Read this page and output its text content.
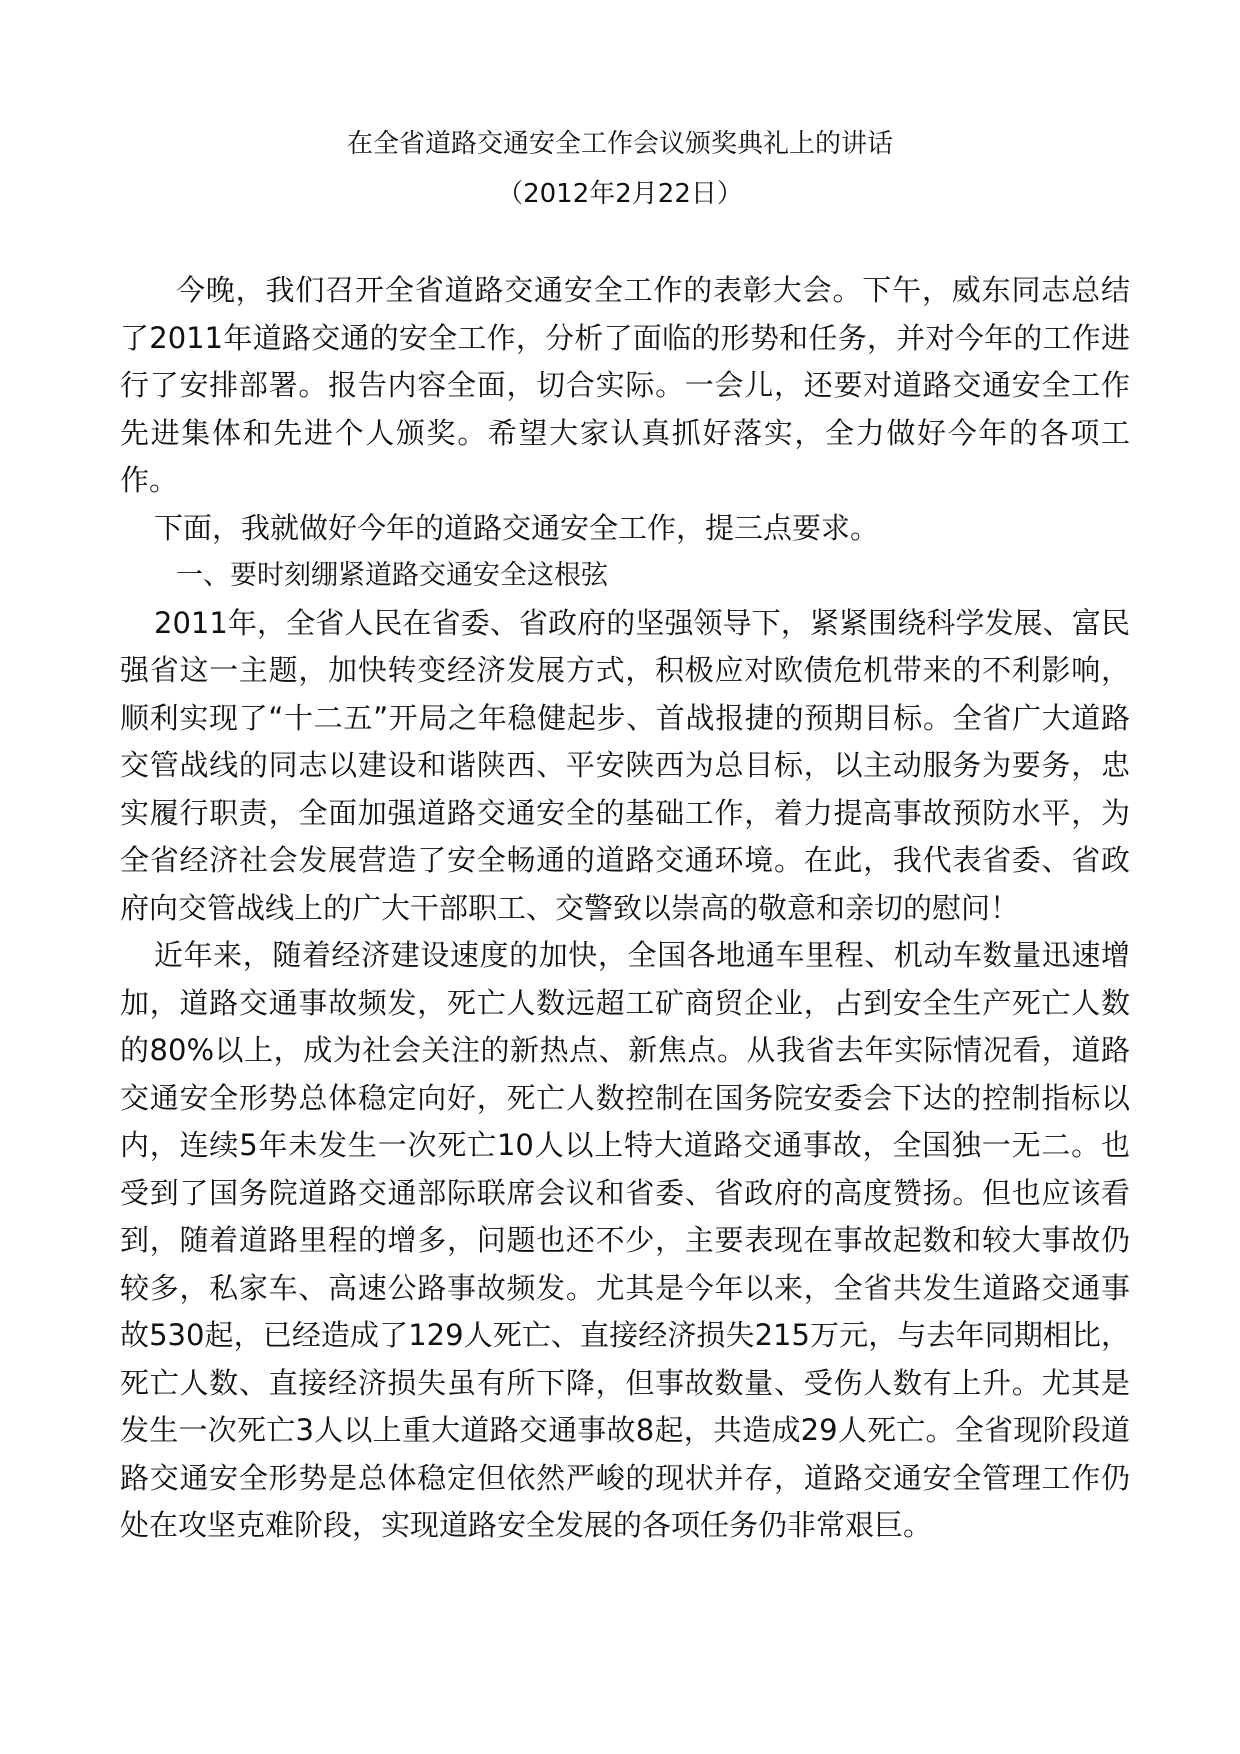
在全省道路交通安全工作会议颁奖典礼上的讲话
（2012年2月22日）

今晚，我们召开全省道路交通安全工作的表彰大会。下午，威东同志总结了2011年道路交通的安全工作，分析了面临的形势和任务，并对今年的工作进行了安排部署。报告内容全面，切合实际。一会儿，还要对道路交通安全工作先进集体和先进个人颁奖。希望大家认真抓好落实，全力做好今年的各项工作。

下面，我就做好今年的道路交通安全工作，提三点要求。

一、要时刻绷紧道路交通安全这根弦

2011年，全省人民在省委、省政府的坚强领导下，紧紧围绕科学发展、富民强省这一主题，加快转变经济发展方式，积极应对欧债危机带来的不利影响，顺利实现了“十二五”开局之年稳健起步、首战报捷的预期目标。全省广大道路交管战线的同志以建设和谐陕西、平安陕西为总目标，以主动服务为要务，忠实履行职责，全面加强道路交通安全的基础工作，着力提高事故预防水平，为全省经济社会发展营造了安全畅通的道路交通环境。在此，我代表省委、省政府向交管战线上的广大干部职工、交警致以崇高的敬意和亲切的慰问！

近年来，随着经济建设速度的加快，全国各地通车里程、机动车数量迅速增加，道路交通事故频发，死亡人数远超工矿商贸企业，占到安全生产死亡人数的80%以上，成为社会关注的新热点、新焦点。从我省去年实际情况看，道路交通安全形势总体稳定向好，死亡人数控制在国务院安委会下达的控制指标以内，连续5年未发生一次死亡10人以上特大道路交通事故，全国独一无二。也受到了国务院道路交通部际联席会议和省委、省政府的高度赞扬。但也应该看到，随着道路里程的增多，问题也还不少，主要表现在事故起数和较大事故仍较多，私家车、高速公路事故频发。尤其是今年以来，全省共发生道路交通事故530起，已经造成了129人死亡、直接经济损失215万元，与去年同期相比，死亡人数、直接经济损失虽有所下降，但事故数量、受伤人数有上升。尤其是发生一次死亡3人以上重大道路交通事故8起，共造成29人死亡。全省现阶段道路交通安全形势是总体稳定但依然严峻的现状并存，道路交通安全管理工作仍处在攻坚克难阶段，实现道路安全发展的各项任务仍非常艰巨。
